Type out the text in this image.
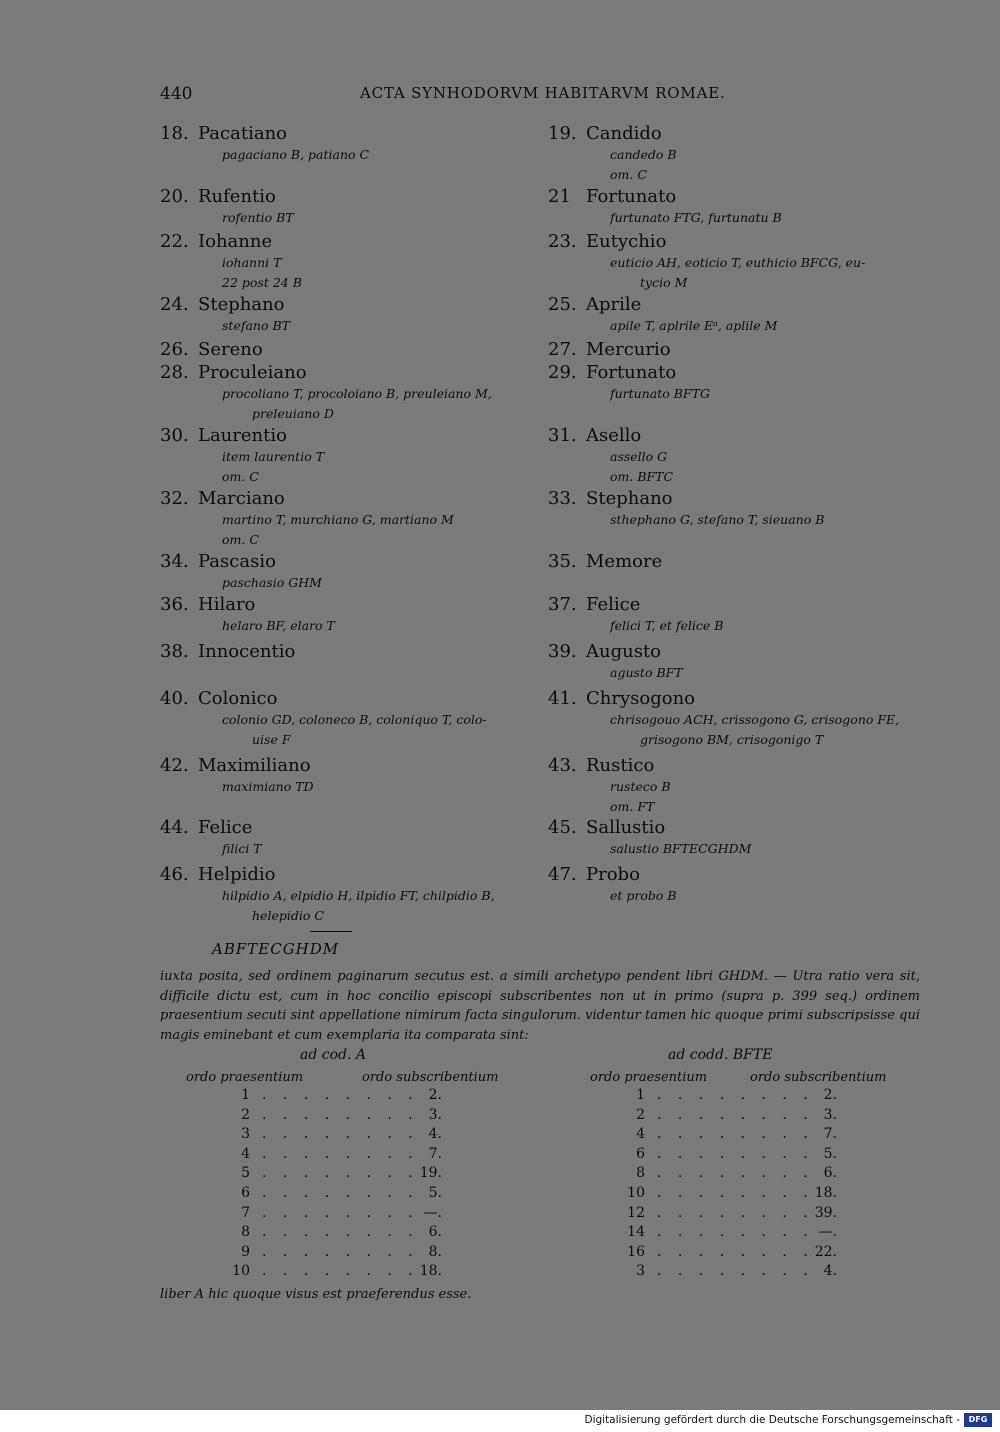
440	ACTA SYNHODORVM HABITARVM ROMAE.
18. Pacatiano
pagaciano B, patiano C
19. Candido
candedo B
om. C
20. Rufentio
rofentio BT
21 Fortunato
furtunato FTG, furtunatu B
22. Iohanne
iohanni T
22 post 24 B
23. Eutychio
euticio AH, eoticio T, euthicio BFCG, eu-
tycio M
24. Stephano
stefano BT
25. Aprile
apile T, aplrile Eᵃ, aplile M
26. Sereno	27. Mercurio
28. Proculeiano
procoliano T, procoloiano B, preuleiano M,
preleuiano D
29. Fortunato
furtunato BFTG
30. Laurentio
item laurentio T
om. C
31. Asello
assello G
om. BFTC
32. Marciano
martino T, murchiano G, martiano M
om. C
33. Stephano
sthephano G, stefano T, sieuano B
34. Pascasio
paschasio GHM
35. Memore
36. Hilaro
helaro BF, elaro T
37. Felice
felici T, et felice B
38. Innocentio	39. Augusto
agusto BFT
40. Colonico
colonio GD, coloneco B, coloniquo T, colo-
uise F
41. Chrysogono
chrisogouo ACH, crissogono G, crisogono FE,
grisogono BM, crisogonigo T
42. Maximiliano
maximiano TD
43. Rustico
rusteco B
om. FT
44. Felice
filici T
45. Sallustio
salustio BFTECGHDM
46. Helpidio
hilpidio A, elpidio H, ilpidio FT, chilpidio B,
helepidio C
47. Probo
et probo B
ABFTECGHDM
iuxta posita, sed ordinem paginarum secutus est. a simili archetypo pendent libri GHDM. — Utra ratio vera sit, difficile dictu est, cum in hoc concilio episcopi subscribentes non ut in primo (supra p. 399 seq.) ordinem praesentium secuti sint appellatione nimirum facta singulorum. videntur tamen hic quoque primi subscripsisse qui magis eminebant et cum exemplaria ita comparata sint:
ad cod. A
ordo praesentium	ordo subscribentium
1 . . . . . . . . 2.
2 . . . . . . . . 3.
3 . . . . . . . . 4.
4 . . . . . . . . 7.
5 . . . . . . . . 19.
6 . . . . . . . . 5.
7 . . . . . . . . —.
8 . . . . . . . . 6.
9 . . . . . . . . 8.
10 . . . . . . . . 18.
ad codd. BFTE
ordo praesentium	ordo subscribentium
1 . . . . . . . . 2.
2 . . . . . . . . 3.
4 . . . . . . . . 7.
6 . . . . . . . . 5.
8 . . . . . . . . 6.
10 . . . . . . . . 18.
12 . . . . . . . . 39.
14 . . . . . . . . —.
16 . . . . . . . . 22.
3 . . . . . . . . 4.
liber A hic quoque visus est praeferendus esse.
Digitalisierung gefördert durch die Deutsche Forschungsgemeinschaft -	DFG
